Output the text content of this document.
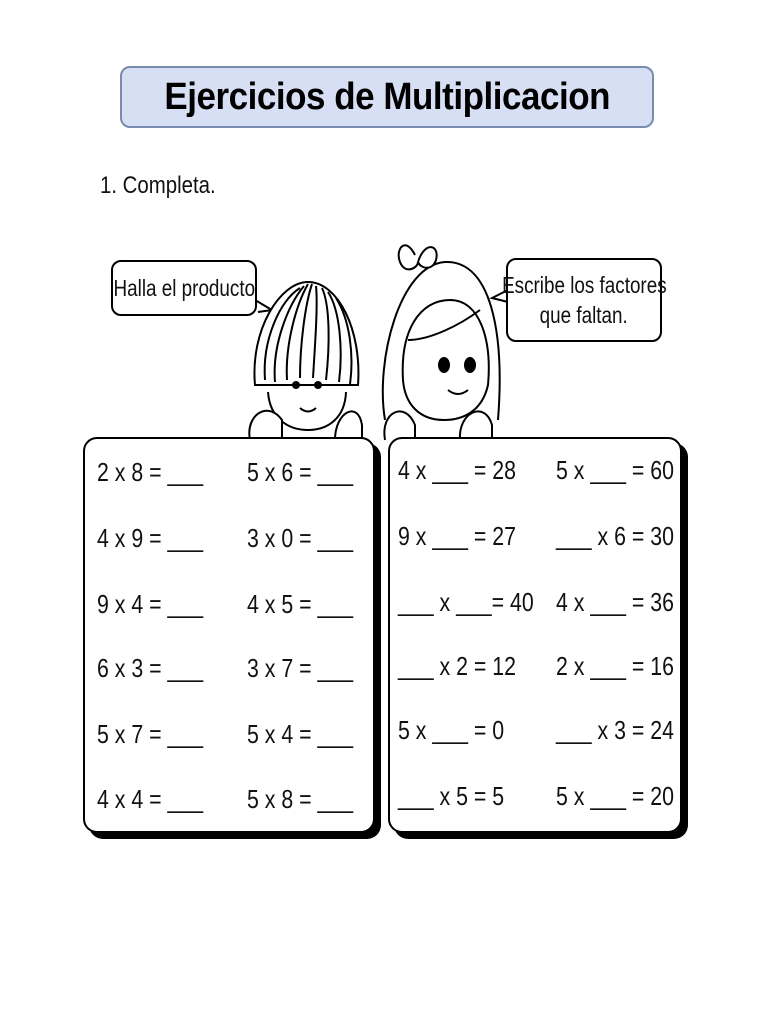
Ejercicios de Multiplicacion
1. Completa.
Halla el producto	Escribe los factores
que faltan.
2 x 8 = ___ 5 x 6 = ___
4 x 9 = ___ 3 x 0 = ___
9 x 4 = ___ 4 x 5 = ___
6 x 3 = ___ 3 x 7 = ___
5 x 7 = ___ 5 x 4 = ___
4 x 4 = ___ 5 x 8 = ___
4 x ___ = 28 5 x ___ = 60
9 x ___ = 27 ___ x 6 = 30
___ x ___= 40 4 x ___ = 36
___ x 2 = 12 2 x ___ = 16
5 x ___ = 0 ___ x 3 = 24
___ x 5 = 5 5 x ___ = 20
